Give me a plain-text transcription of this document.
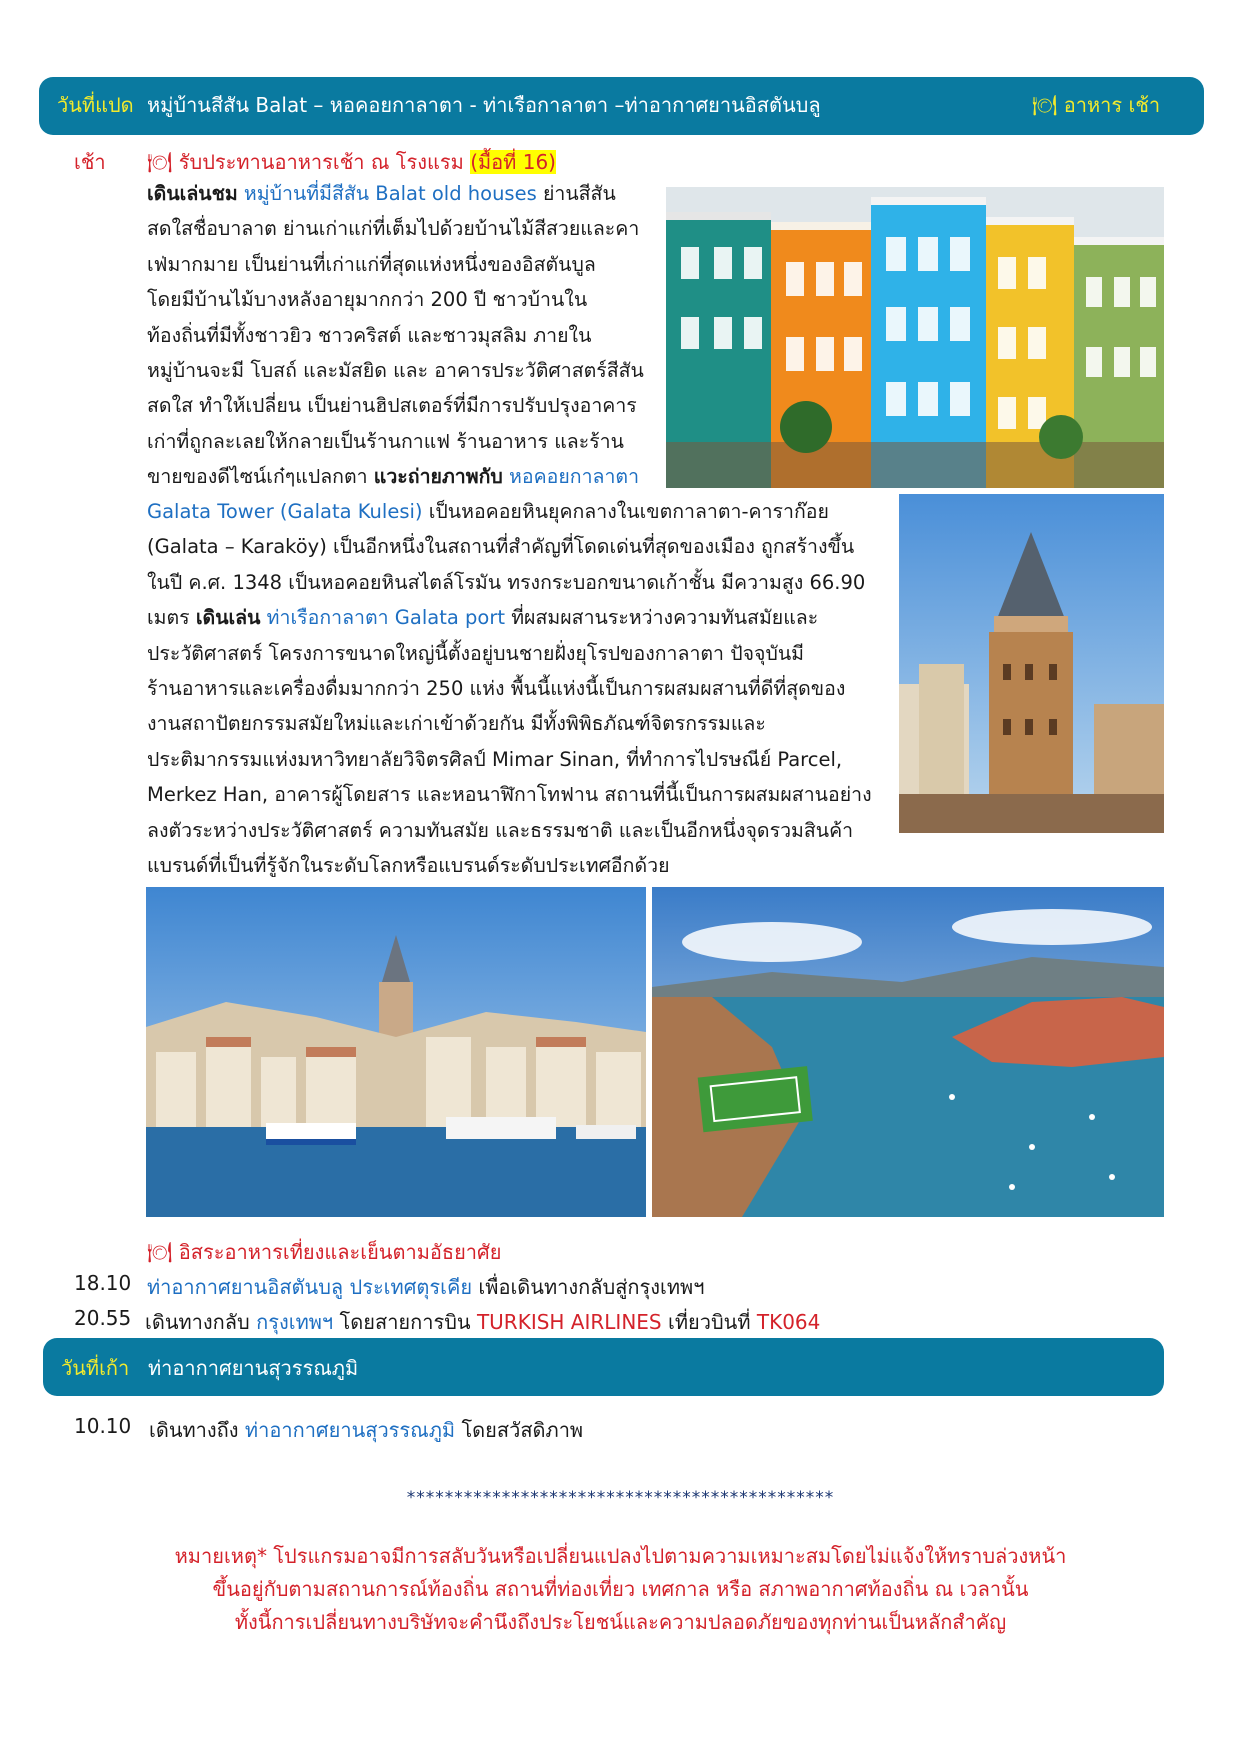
วันที่แปด หมู่บ้านสีสัน Balat – หอคอยกาลาตา - ท่าเรือกาลาตา –ท่าอากาศยานอิสตันบลู	🍽 อาหาร เช้า
เช้า 🍽 รับประทานอาหารเช้า ณ โรงแรม (มื้อที่ 16)
เดินเล่นชม หมู่บ้านที่มีสีสัน Balat old houses ย่านสีสัน
สดใสชื่อบาลาต ย่านเก่าแก่ที่เต็มไปด้วยบ้านไม้สีสวยและคา
เฟ่มากมาย เป็นย่านที่เก่าแก่ที่สุดแห่งหนึ่งของอิสตันบูล
โดยมีบ้านไม้บางหลังอายุมากกว่า 200 ปี ชาวบ้านใน
ท้องถิ่นที่มีทั้งชาวยิว ชาวคริสต์ และชาวมุสลิม ภายใน
หมู่บ้านจะมี โบสถ์ และมัสยิด และ อาคารประวัติศาสตร์สีสัน
สดใส ทำให้เปลี่ยน เป็นย่านฮิปสเตอร์ที่มีการปรับปรุงอาคาร
เก่าที่ถูกละเลยให้กลายเป็นร้านกาแฟ ร้านอาหาร และร้าน
ขายของดีไซน์เก๋ๆแปลกตา แวะถ่ายภาพกับ หอคอยกาลาตา
Galata Tower (Galata Kulesi) เป็นหอคอยหินยุคกลางในเขตกาลาตา-คาราก๊อย
(Galata – Karaköy) เป็นอีกหนึ่งในสถานที่สำคัญที่โดดเด่นที่สุดของเมือง ถูกสร้างขึ้น
ในปี ค.ศ. 1348 เป็นหอคอยหินสไตล์โรมัน ทรงกระบอกขนาดเก้าชั้น มีความสูง 66.90
เมตร เดินเล่น ท่าเรือกาลาตา Galata port ที่ผสมผสานระหว่างความทันสมัยและ
ประวัติศาสตร์ โครงการขนาดใหญ่นี้ตั้งอยู่บนชายฝั่งยุโรปของกาลาตา ปัจจุบันมี
ร้านอาหารและเครื่องดื่มมากกว่า 250 แห่ง พื้นนี้แห่งนี้เป็นการผสมผสานที่ดีที่สุดของ
งานสถาปัตยกรรมสมัยใหม่และเก่าเข้าด้วยกัน มีทั้งพิพิธภัณฑ์จิตรกรรมและ
ประติมากรรมแห่งมหาวิทยาลัยวิจิตรศิลป์ Mimar Sinan, ที่ทำการไปรษณีย์ Parcel,
Merkez Han, อาคารผู้โดยสาร และหอนาฬิกาโทฟาน สถานที่นี้เป็นการผสมผสานอย่าง
ลงตัวระหว่างประวัติศาสตร์ ความทันสมัย และธรรมชาติ และเป็นอีกหนึ่งจุดรวมสินค้า
แบรนด์ที่เป็นที่รู้จักในระดับโลกหรือแบรนด์ระดับประเทศอีกด้วย
🍽 อิสระอาหารเที่ยงและเย็นตามอัธยาศัย
18.10 ท่าอากาศยานอิสตันบลู ประเทศตุรเคีย เพื่อเดินทางกลับสู่กรุงเทพฯ
20.55 เดินทางกลับ กรุงเทพฯ โดยสายการบิน TURKISH AIRLINES เที่ยวบินที่ TK064
วันที่เก้า ท่าอากาศยานสุวรรณภูมิ
10.10 เดินทางถึง ท่าอากาศยานสุวรรณภูมิ โดยสวัสดิภาพ
*********************************************
หมายเหตุ* โปรแกรมอาจมีการสลับวันหรือเปลี่ยนแปลงไปตามความเหมาะสมโดยไม่แจ้งให้ทราบล่วงหน้า
ขึ้นอยู่กับตามสถานการณ์ท้องถิ่น สถานที่ท่องเที่ยว เทศกาล หรือ สภาพอากาศท้องถิ่น ณ เวลานั้น
ทั้งนี้การเปลี่ยนทางบริษัทจะคำนึงถึงประโยชน์และความปลอดภัยของทุกท่านเป็นหลักสำคัญ
